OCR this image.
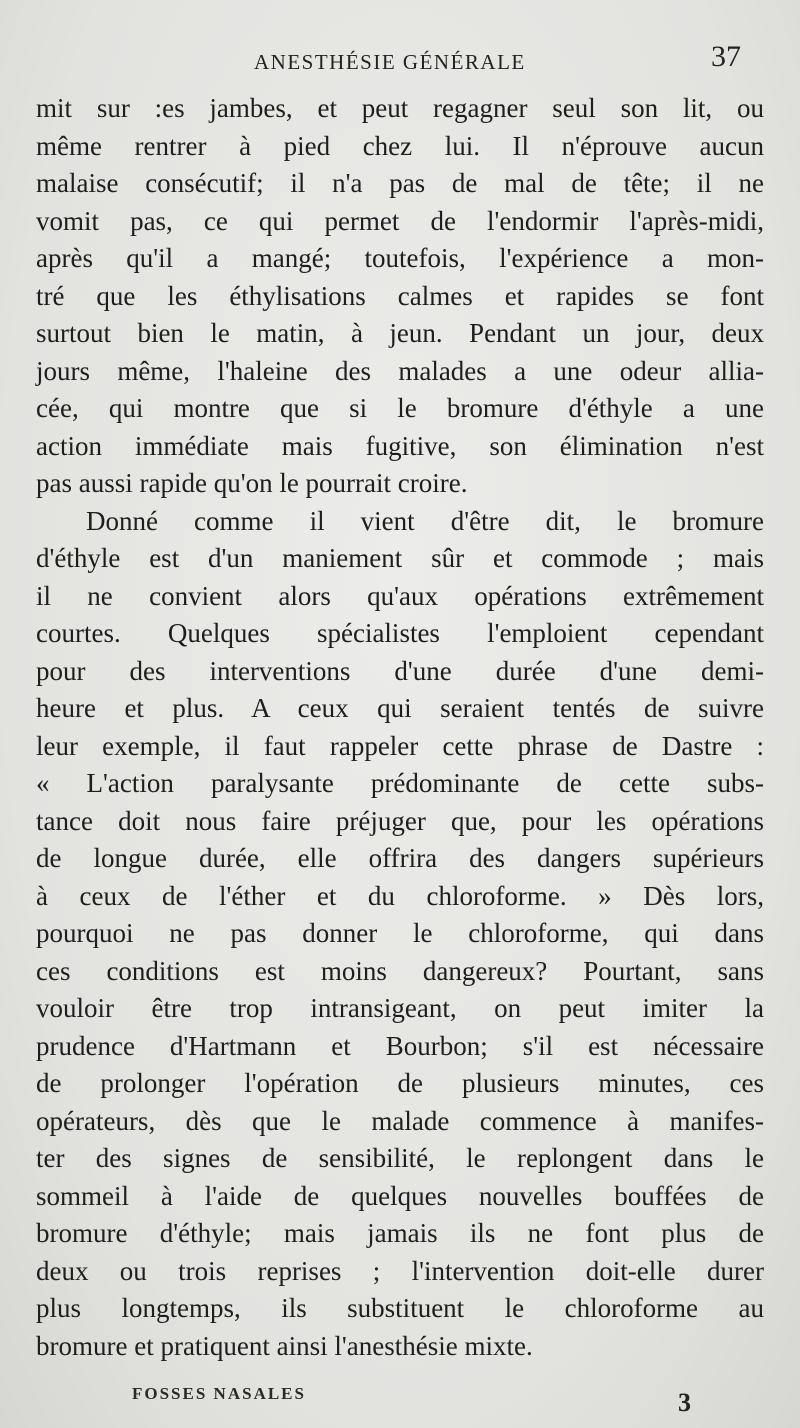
ANESTHÉSIE GÉNÉRALE	37
mit sur :es jambes, et peut regagner seul son lit, ou
même rentrer à pied chez lui. Il n'éprouve aucun
malaise consécutif; il n'a pas de mal de tête; il ne
vomit pas, ce qui permet de l'endormir l'après-midi,
après qu'il a mangé; toutefois, l'expérience a mon-
tré que les éthylisations calmes et rapides se font
surtout bien le matin, à jeun. Pendant un jour, deux
jours même, l'haleine des malades a une odeur allia-
cée, qui montre que si le bromure d'éthyle a une
action immédiate mais fugitive, son élimination n'est
pas aussi rapide qu'on le pourrait croire.
Donné comme il vient d'être dit, le bromure
d'éthyle est d'un maniement sûr et commode ; mais
il ne convient alors qu'aux opérations extrêmement
courtes. Quelques spécialistes l'emploient cependant
pour des interventions d'une durée d'une demi-
heure et plus. A ceux qui seraient tentés de suivre
leur exemple, il faut rappeler cette phrase de Dastre :
« L'action paralysante prédominante de cette subs-
tance doit nous faire préjuger que, pour les opérations
de longue durée, elle offrira des dangers supérieurs
à ceux de l'éther et du chloroforme. » Dès lors,
pourquoi ne pas donner le chloroforme, qui dans
ces conditions est moins dangereux? Pourtant, sans
vouloir être trop intransigeant, on peut imiter la
prudence d'Hartmann et Bourbon; s'il est nécessaire
de prolonger l'opération de plusieurs minutes, ces
opérateurs, dès que le malade commence à manifes-
ter des signes de sensibilité, le replongent dans le
sommeil à l'aide de quelques nouvelles bouffées de
bromure d'éthyle; mais jamais ils ne font plus de
deux ou trois reprises ; l'intervention doit-elle durer
plus longtemps, ils substituent le chloroforme au
bromure et pratiquent ainsi l'anesthésie mixte.
FOSSES NASALES	3
